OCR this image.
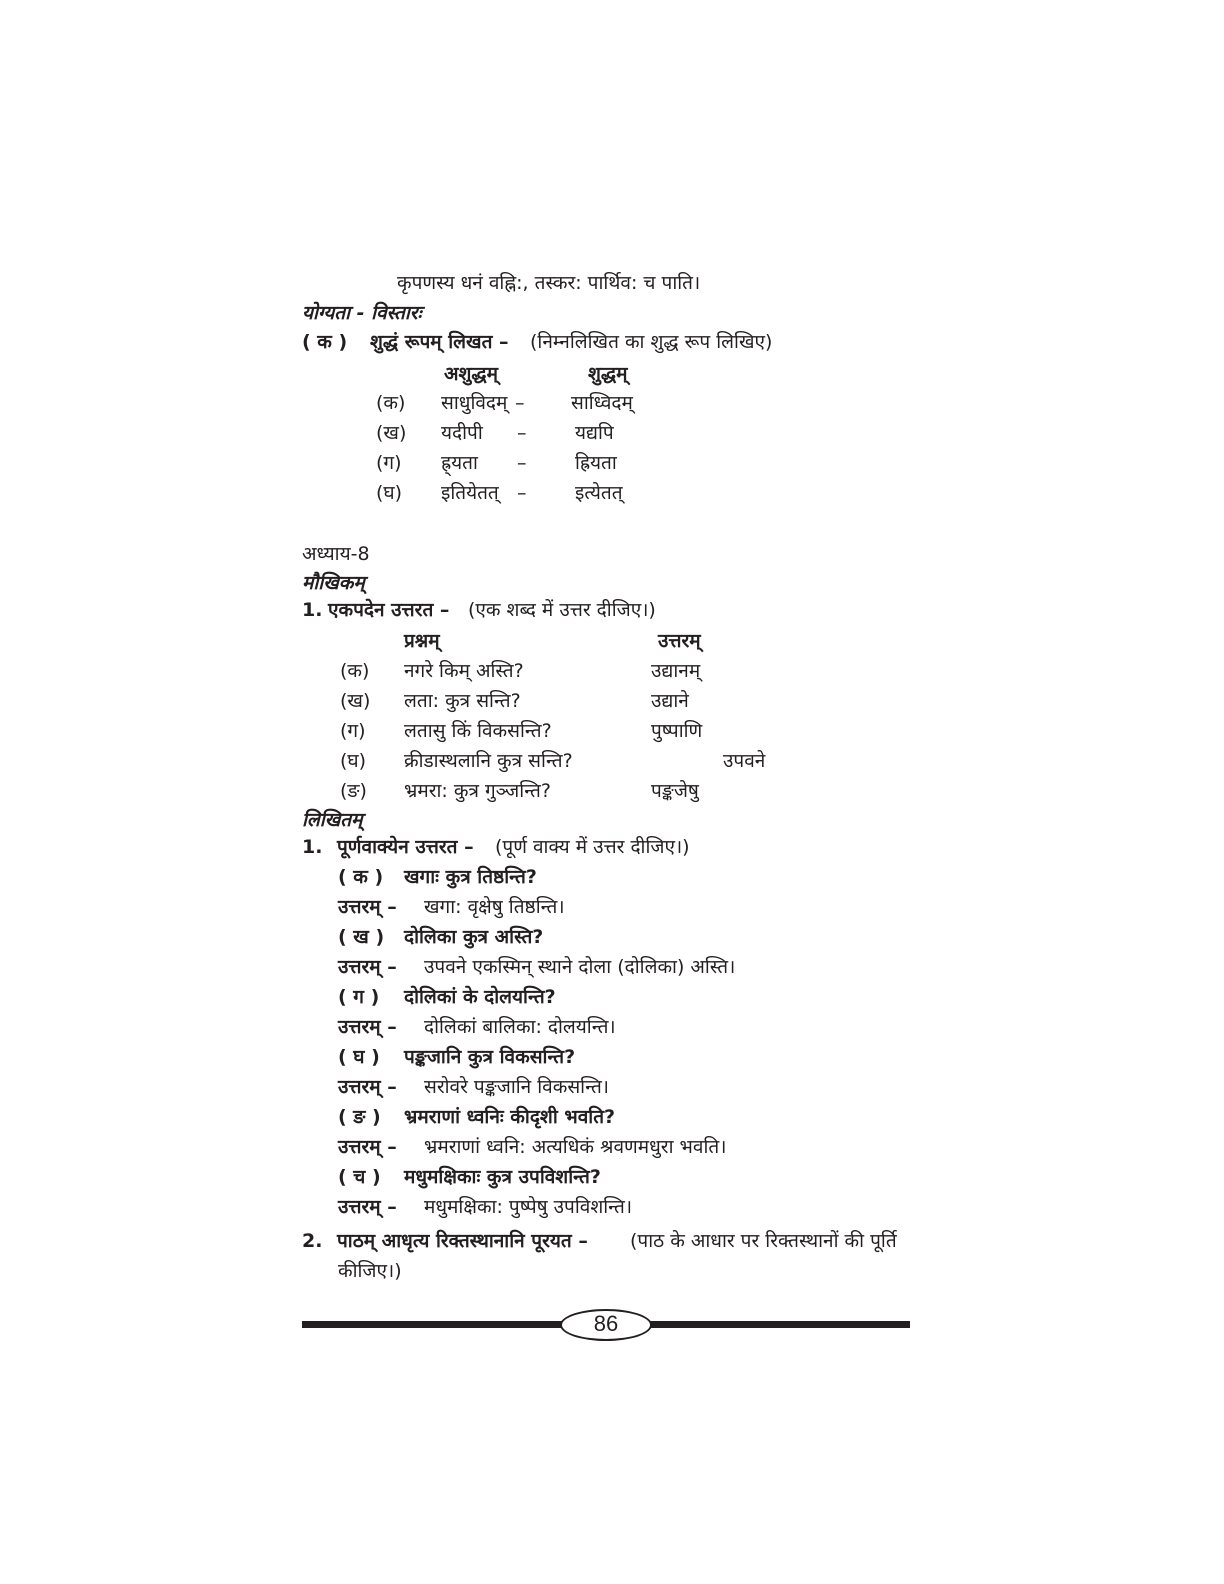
कृपणस्य धनं वह्नि:, तस्कर: पार्थिव: च पाति।
योग्यता - विस्तारः
( क ) शुद्धं रूपम् लिखत – (निम्नलिखित का शुद्ध रूप लिखिए)
अशुद्धम्	शुद्धम्
(क) साधुविदम् – साध्विदम्
(ख) यदीपी –	यद्यपि
(ग) ह्र्यता –	ह्रियता
(घ) इतियेतत् –	इत्येतत्
अध्याय-8
मौखिकम्
1. एकपदेन उत्तरत – (एक शब्द में उत्तर दीजिए।)
प्रश्नम्	उत्तरम्
(क) नगरे किम् अस्ति?	उद्यानम्
(ख) लता: कुत्र सन्ति?	उद्याने
(ग) लतासु किं विकसन्ति?	पुष्पाणि
(घ) क्रीडास्थलानि कुत्र सन्ति?	उपवने
(ङ) भ्रमरा: कुत्र गुञ्जन्ति?	पङ्कजेषु
लिखितम्
1. पूर्णवाक्येन उत्तरत – (पूर्ण वाक्य में उत्तर दीजिए।)
( क ) खगाः कुत्र तिष्ठन्ति?
उत्तरम् – खगा: वृक्षेषु तिष्ठन्ति।
( ख ) दोलिका कुत्र अस्ति?
उत्तरम् – उपवने एकस्मिन् स्थाने दोला (दोलिका) अस्ति।
( ग ) दोलिकां के दोलयन्ति?
उत्तरम् – दोलिकां बालिका: दोलयन्ति।
( घ ) पङ्कजानि कुत्र विकसन्ति?
उत्तरम् – सरोवरे पङ्कजानि विकसन्ति।
( ङ ) भ्रमराणां ध्वनिः कीदृशी भवति?
उत्तरम् – भ्रमराणां ध्वनि: अत्यधिकं श्रवणमधुरा भवति।
( च ) मधुमक्षिकाः कुत्र उपविशन्ति?
उत्तरम् – मधुमक्षिका: पुष्पेषु उपविशन्ति।
2. पाठम् आधृत्य रिक्तस्थानानि पूरयत – (पाठ के आधार पर रिक्तस्थानों की पूर्ति
कीजिए।)
86
